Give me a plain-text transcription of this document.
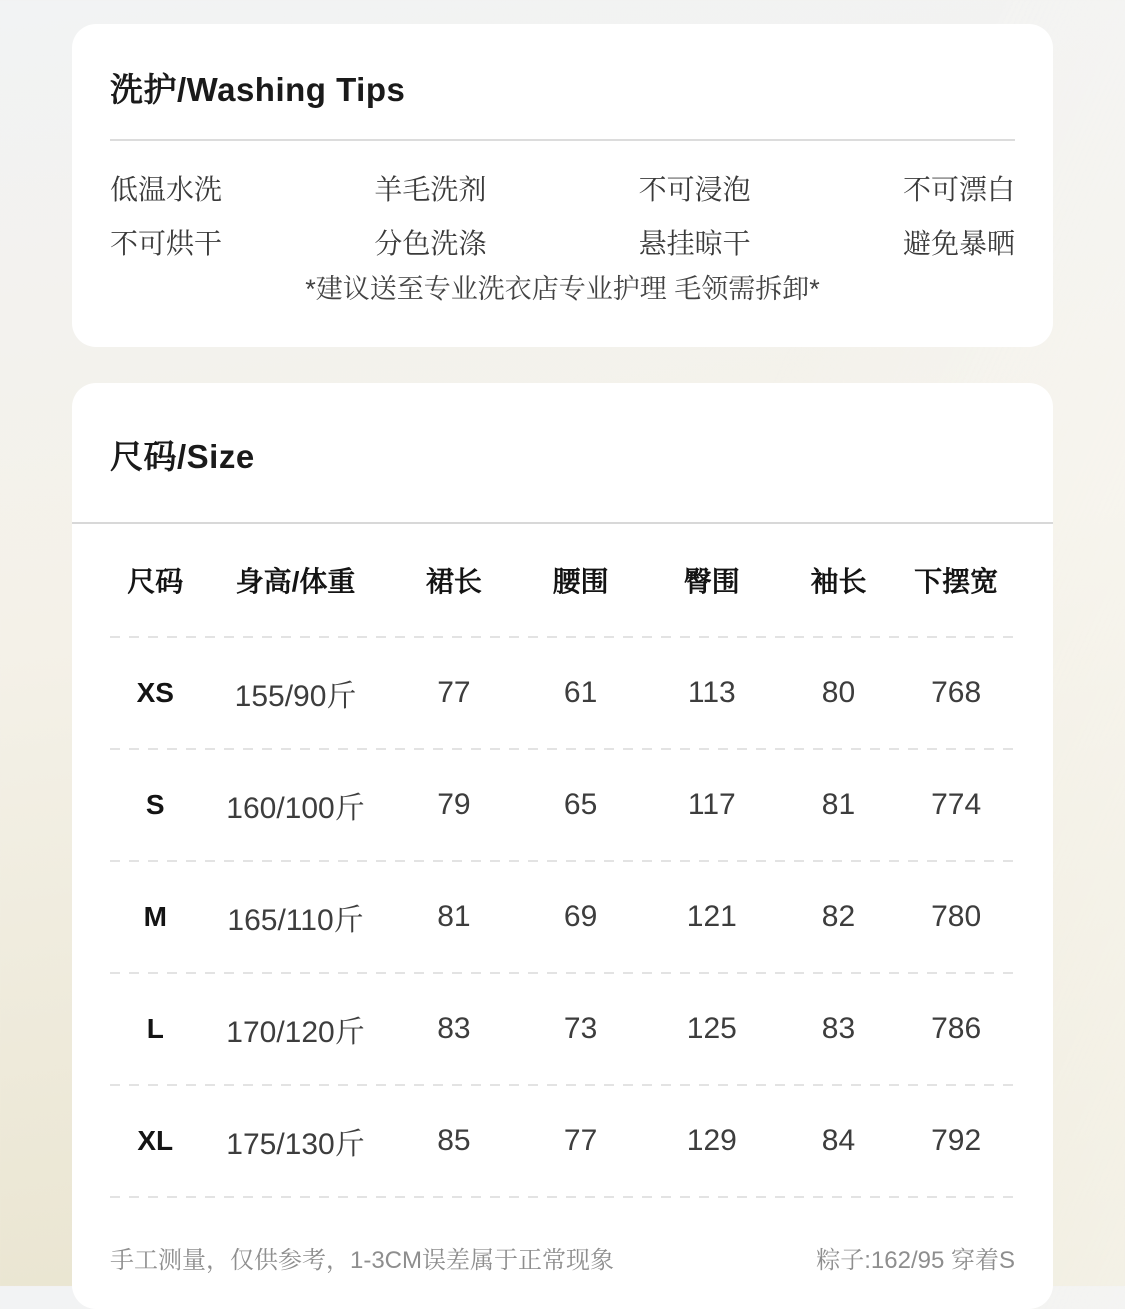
洗护/Washing Tips
低温水洗	羊毛洗剂	不可浸泡	不可漂白
不可烘干	分色洗涤	悬挂晾干	避免暴晒
*建议送至专业洗衣店专业护理 毛领需拆卸*
尺码/Size
尺码	身高/体重	裙长	腰围	臀围	袖长	下摆宽
XS	155/90斤	77	61	113	80	768
S	160/100斤	79	65	117	81	774
M	165/110斤	81	69	121	82	780
L	170/120斤	83	73	125	83	786
XL	175/130斤	85	77	129	84	792
手工测量，仅供参考，1-3CM误差属于正常现象	粽子:162/95 穿着S
